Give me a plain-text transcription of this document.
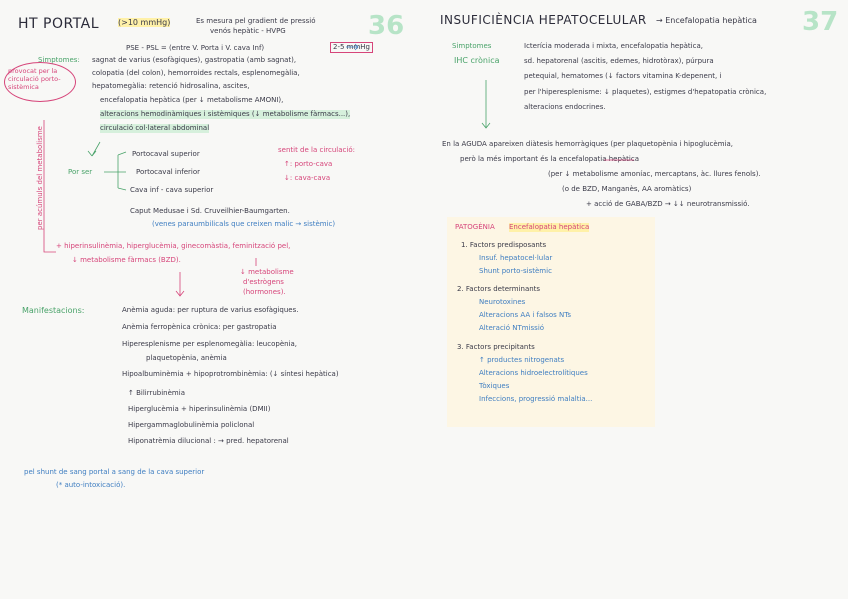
HT PORTAL	36
(>10 mmHg)	Es mesura pel gradient de pressió
venós hepàtic - HVPG
PSE - PSL = (entre V. Porta i V. cava Inf)	2-5 mmHg
provocat per la circulació porto-sistèmica
per acúmuls del metabolisme
Simptomes: sagnat de varius (esofàgiques), gastropatia (amb sagnat),
colopatia (del colon), hemorroides rectals, esplenomegàlia,
hepatomegàlia: retenció hidrosalina, ascites,
encefalopatia hepàtica (per ↓ metabolisme AMONI),
alteracions hemodinàmiques i sistèmiques (↓ metabolisme fàrmacs...),
circulació col·lateral abdominal
Por ser
Portocaval superior
Portocaval inferior
Cava inf - cava superior
sentit de la circulació:
↑: porto-cava
↓: cava-cava
Caput Medusae i Sd. Cruveilhier-Baumgarten.
(venes paraumbilicals que creixen malic → sistèmic)
+ hiperinsulinèmia, hiperglucèmia, ginecomàstia, feminització pel,
↓ metabolisme fàrmacs (BZD).
↓ metabolisme
d'estrògens
(hormones).
Manifestacions:	Anèmia aguda: per ruptura de varius esofàgiques.
Anèmia ferropènica crònica: per gastropatia
Hiperesplenisme per esplenomegàlia: leucopènia,
plaquetopènia, anèmia
Hipoalbuminèmia + hipoprotrombinèmia: (↓ síntesi hepàtica)
↑ Bilirrubinèmia
Hiperglucèmia + hiperinsulinèmia (DMII)
Hipergammaglobulinèmia policlonal
Hiponatrèmia dilucional : → pred. hepatorenal
pel shunt de sang portal a sang de la cava superior
(* auto-intoxicació).
INSUFICIÈNCIA HEPATOCELULAR → Encefalopatia hepàtica 37
Simptomes
IHC crònica
Icterícia moderada i mixta, encefalopatia hepàtica,
sd. hepatorenal (ascitis, edemes, hidrotòrax), púrpura
petequial, hematomes (↓ factors vitamina K-depenent, i
per l'hiperesplenisme: ↓ plaquetes), estigmes d'hepatopatia crònica,
alteracions endocrines.
En la AGUDA apareixen diàtesis hemorràgiques (per plaquetopènia i hipoglucèmia,
però la més important és la encefalopatia hepàtica
(per ↓ metabolisme amoníac, mercaptans, àc. llures fenols).
(o de BZD, Manganès, AA aromàtics)
+ acció de GABA/BZD → ↓↓ neurotransmissió.
PATOGÈNIA Encefalopatia hepàtica
1. Factors predisposants
Insuf. hepatocel·lular
Shunt porto-sistèmic
2. Factors determinants
Neurotoxines
Alteracions AA i falsos NTs
Alteració NTmissió
3. Factors precipitants
↑ productes nitrogenats
Alteracions hidroelectrolítiques
Tòxiques
Infeccions, progressió malaltia...
